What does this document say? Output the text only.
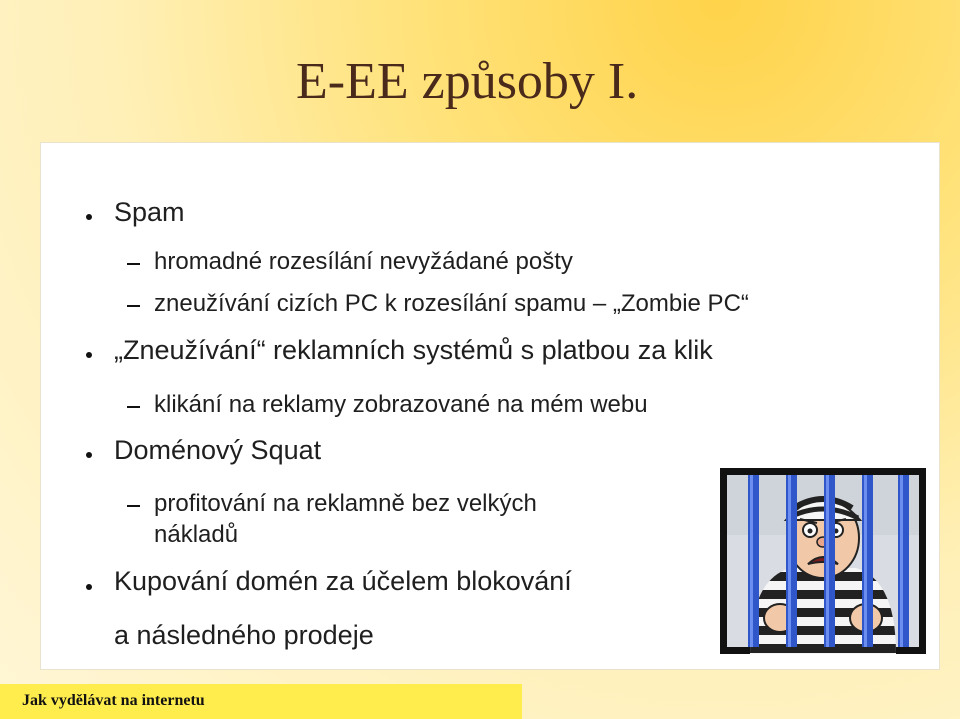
E-EE způsoby I.
Spam
hromadné rozesílání nevyžádané pošty
zneužívání cizích PC k rozesílání spamu – „Zombie PC“
„Zneužívání“ reklamních systémů s platbou za klik
klikání na reklamy zobrazované na mém webu
Doménový Squat
profitování na reklamně bez velkých
nákladů
Kupování domén za účelem blokování
a následného prodeje
Jak vydělávat na internetu
